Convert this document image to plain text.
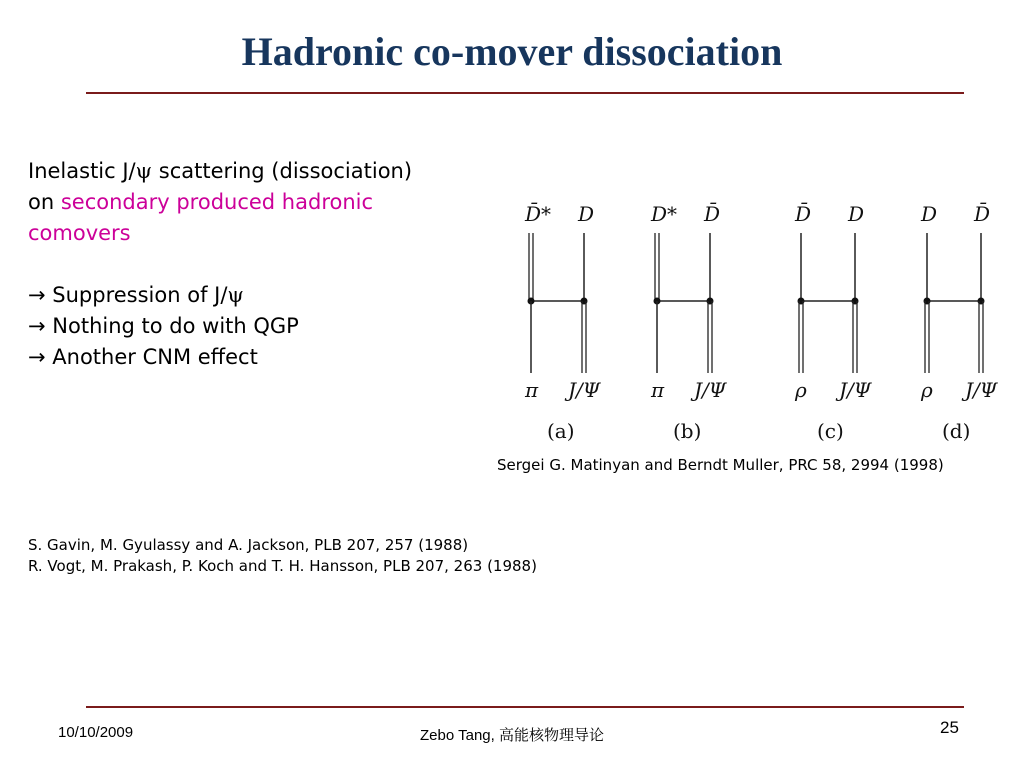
Hadronic co-mover dissociation

Inelastic J/ψ scattering (dissociation)

on secondary produced hadronic

comovers

→ Suppression of J/ψ

→ Nothing to do with QGP

→ Another CNM effect

D̄* D
π J/Ψ
(a)
D* D̄
π J/Ψ
(b)
D̄ D
ρ J/Ψ
(c)
D D̄
ρ J/Ψ
(d)
Sergei G. Matinyan and Berndt Muller, PRC 58, 2994 (1998)

S. Gavin, M. Gyulassy and A. Jackson, PLB 207, 257 (1988)

R. Vogt, M. Prakash, P. Koch and T. H. Hansson, PLB 207, 263 (1988)

10/10/2009	Zebo Tang, 高能核物理导论	25
